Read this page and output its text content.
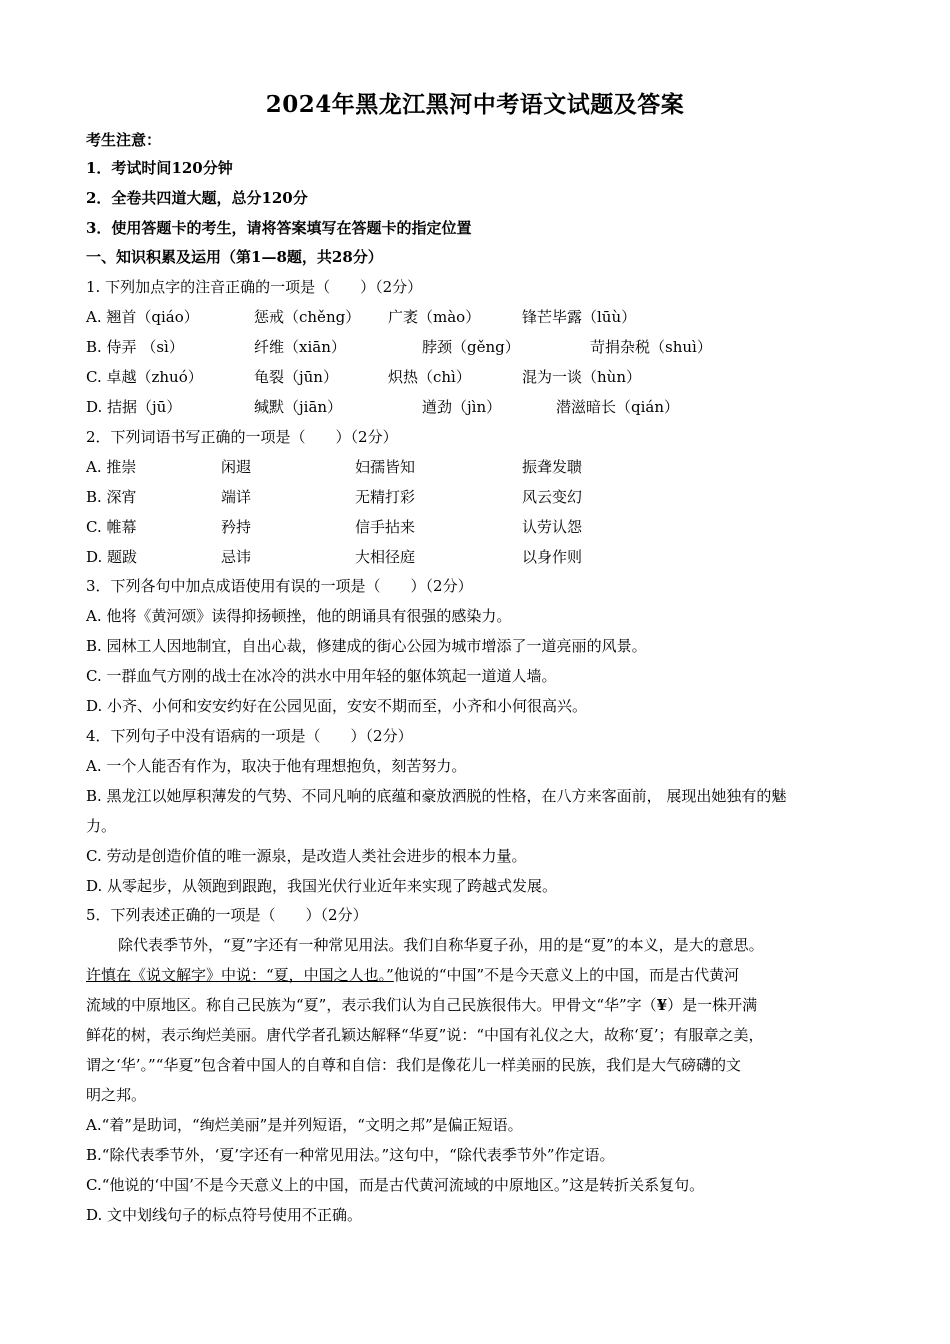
2024年黑龙江黑河中考语文试题及答案
考生注意：
1．考试时间120分钟
2．全卷共四道大题，总分120分
3．使用答题卡的考生，请将答案填写在答题卡的指定位置
一、知识积累及运用（第1—8题，共28分）
1. 下列加点字的注音正确的一项是（　　）（2分）
A. 翘首（qiáo）	惩戒（chěng） 广袤（mào）	锋芒毕露（lūù）
B. 侍弄 （sì）	纤维（xiān）	脖颈（gěng）	苛捐杂税（shuì）
C. 卓越（zhuó）	龟裂（jūn）	炽热（chì）	混为一谈（hùn）
D. 拮据（jū）	缄默（jiān）	遒劲（jìn）	潜滋暗长（qián）
2．下列词语书写正确的一项是（　　）（2分）
A. 推崇	闲遐	妇孺皆知	振聋发聩
B. 深宵	端详	无精打彩	风云变幻
C. 帷幕	矜持	信手拈来	认劳认怨
D. 题跋	忌讳	大相径庭	以身作则
3．下列各句中加点成语使用有误的一项是（　　）（2分）
A. 他将《黄河颂》读得抑扬顿挫，他的朗诵具有很强的感染力。
B. 园林工人因地制宜，自出心裁，修建成的街心公园为城市增添了一道亮丽的风景。
C. 一群血气方刚的战士在冰冷的洪水中用年轻的躯体筑起一道道人墙。
D. 小齐、小何和安安约好在公园见面，安安不期而至，小齐和小何很高兴。
4．下列句子中没有语病的一项是（　　）（2分）
A. 一个人能否有作为，取决于他有理想抱负，刻苦努力。
B. 黑龙江以她厚积薄发的气势、不同凡响的底蕴和豪放洒脱的性格，在八方来客面前， 展现出她独有的魅
力。
C. 劳动是创造价值的唯一源泉，是改造人类社会进步的根本力量。
D. 从零起步，从领跑到跟跑，我国光伏行业近年来实现了跨越式发展。
5．下列表述正确的一项是（　　）（2分）
除代表季节外，“夏”字还有一种常见用法。我们自称华夏子孙，用的是“夏”的本义，是大的意思。
许慎在《说文解字》中说：“夏，中国之人也。”他说的“中国”不是今天意义上的中国，而是古代黄河
流域的中原地区。称自己民族为“夏”，表示我们认为自己民族很伟大。甲骨文“华”字（¥）是一株开满
鲜花的树，表示绚烂美丽。唐代学者孔颖达解释“华夏”说：“中国有礼仪之大，故称‘夏’；有服章之美，
谓之‘华’。”“华夏”包含着中国人的自尊和自信：我们是像花儿一样美丽的民族，我们是大气磅礴的文
明之邦。
A.“着”是助词，“绚烂美丽”是并列短语，“文明之邦”是偏正短语。
B.“除代表季节外，‘夏’字还有一种常见用法。”这句中，“除代表季节外”作定语。
C.“他说的‘中国’不是今天意义上的中国，而是古代黄河流域的中原地区。”这是转折关系复句。
D. 文中划线句子的标点符号使用不正确。
